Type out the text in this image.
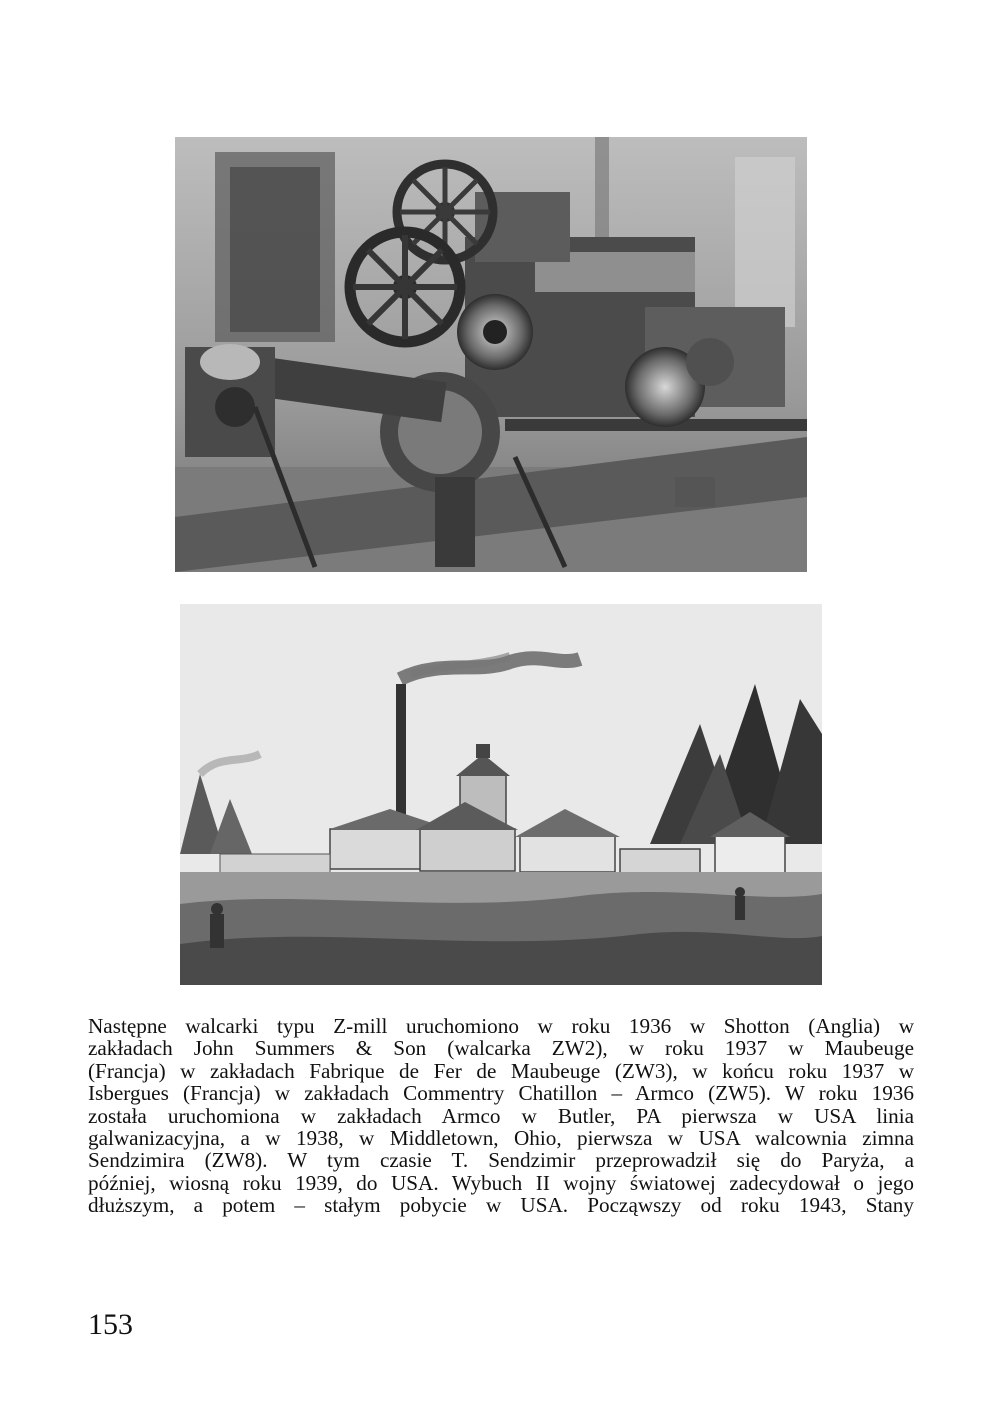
Następne walcarki typu Z-mill uruchomiono w roku 1936 w Shotton (Anglia) w
zakładach John Summers & Son (walcarka ZW2), w roku 1937 w Maubeuge
(Francja) w zakładach Fabrique de Fer de Maubeuge (ZW3), w końcu roku 1937 w
Isbergues (Francja) w zakładach Commentry Chatillon – Armco (ZW5). W roku 1936
została uruchomiona w zakładach Armco w Butler, PA pierwsza w USA linia
galwanizacyjna, a w 1938, w Middletown, Ohio, pierwsza w USA walcownia zimna
Sendzimira (ZW8). W tym czasie T. Sendzimir przeprowadził się do Paryża, a
później, wiosną roku 1939, do USA. Wybuch II wojny światowej zadecydował o jego
dłuższym, a potem – stałym pobycie w USA. Począwszy od roku 1943, Stany
153
